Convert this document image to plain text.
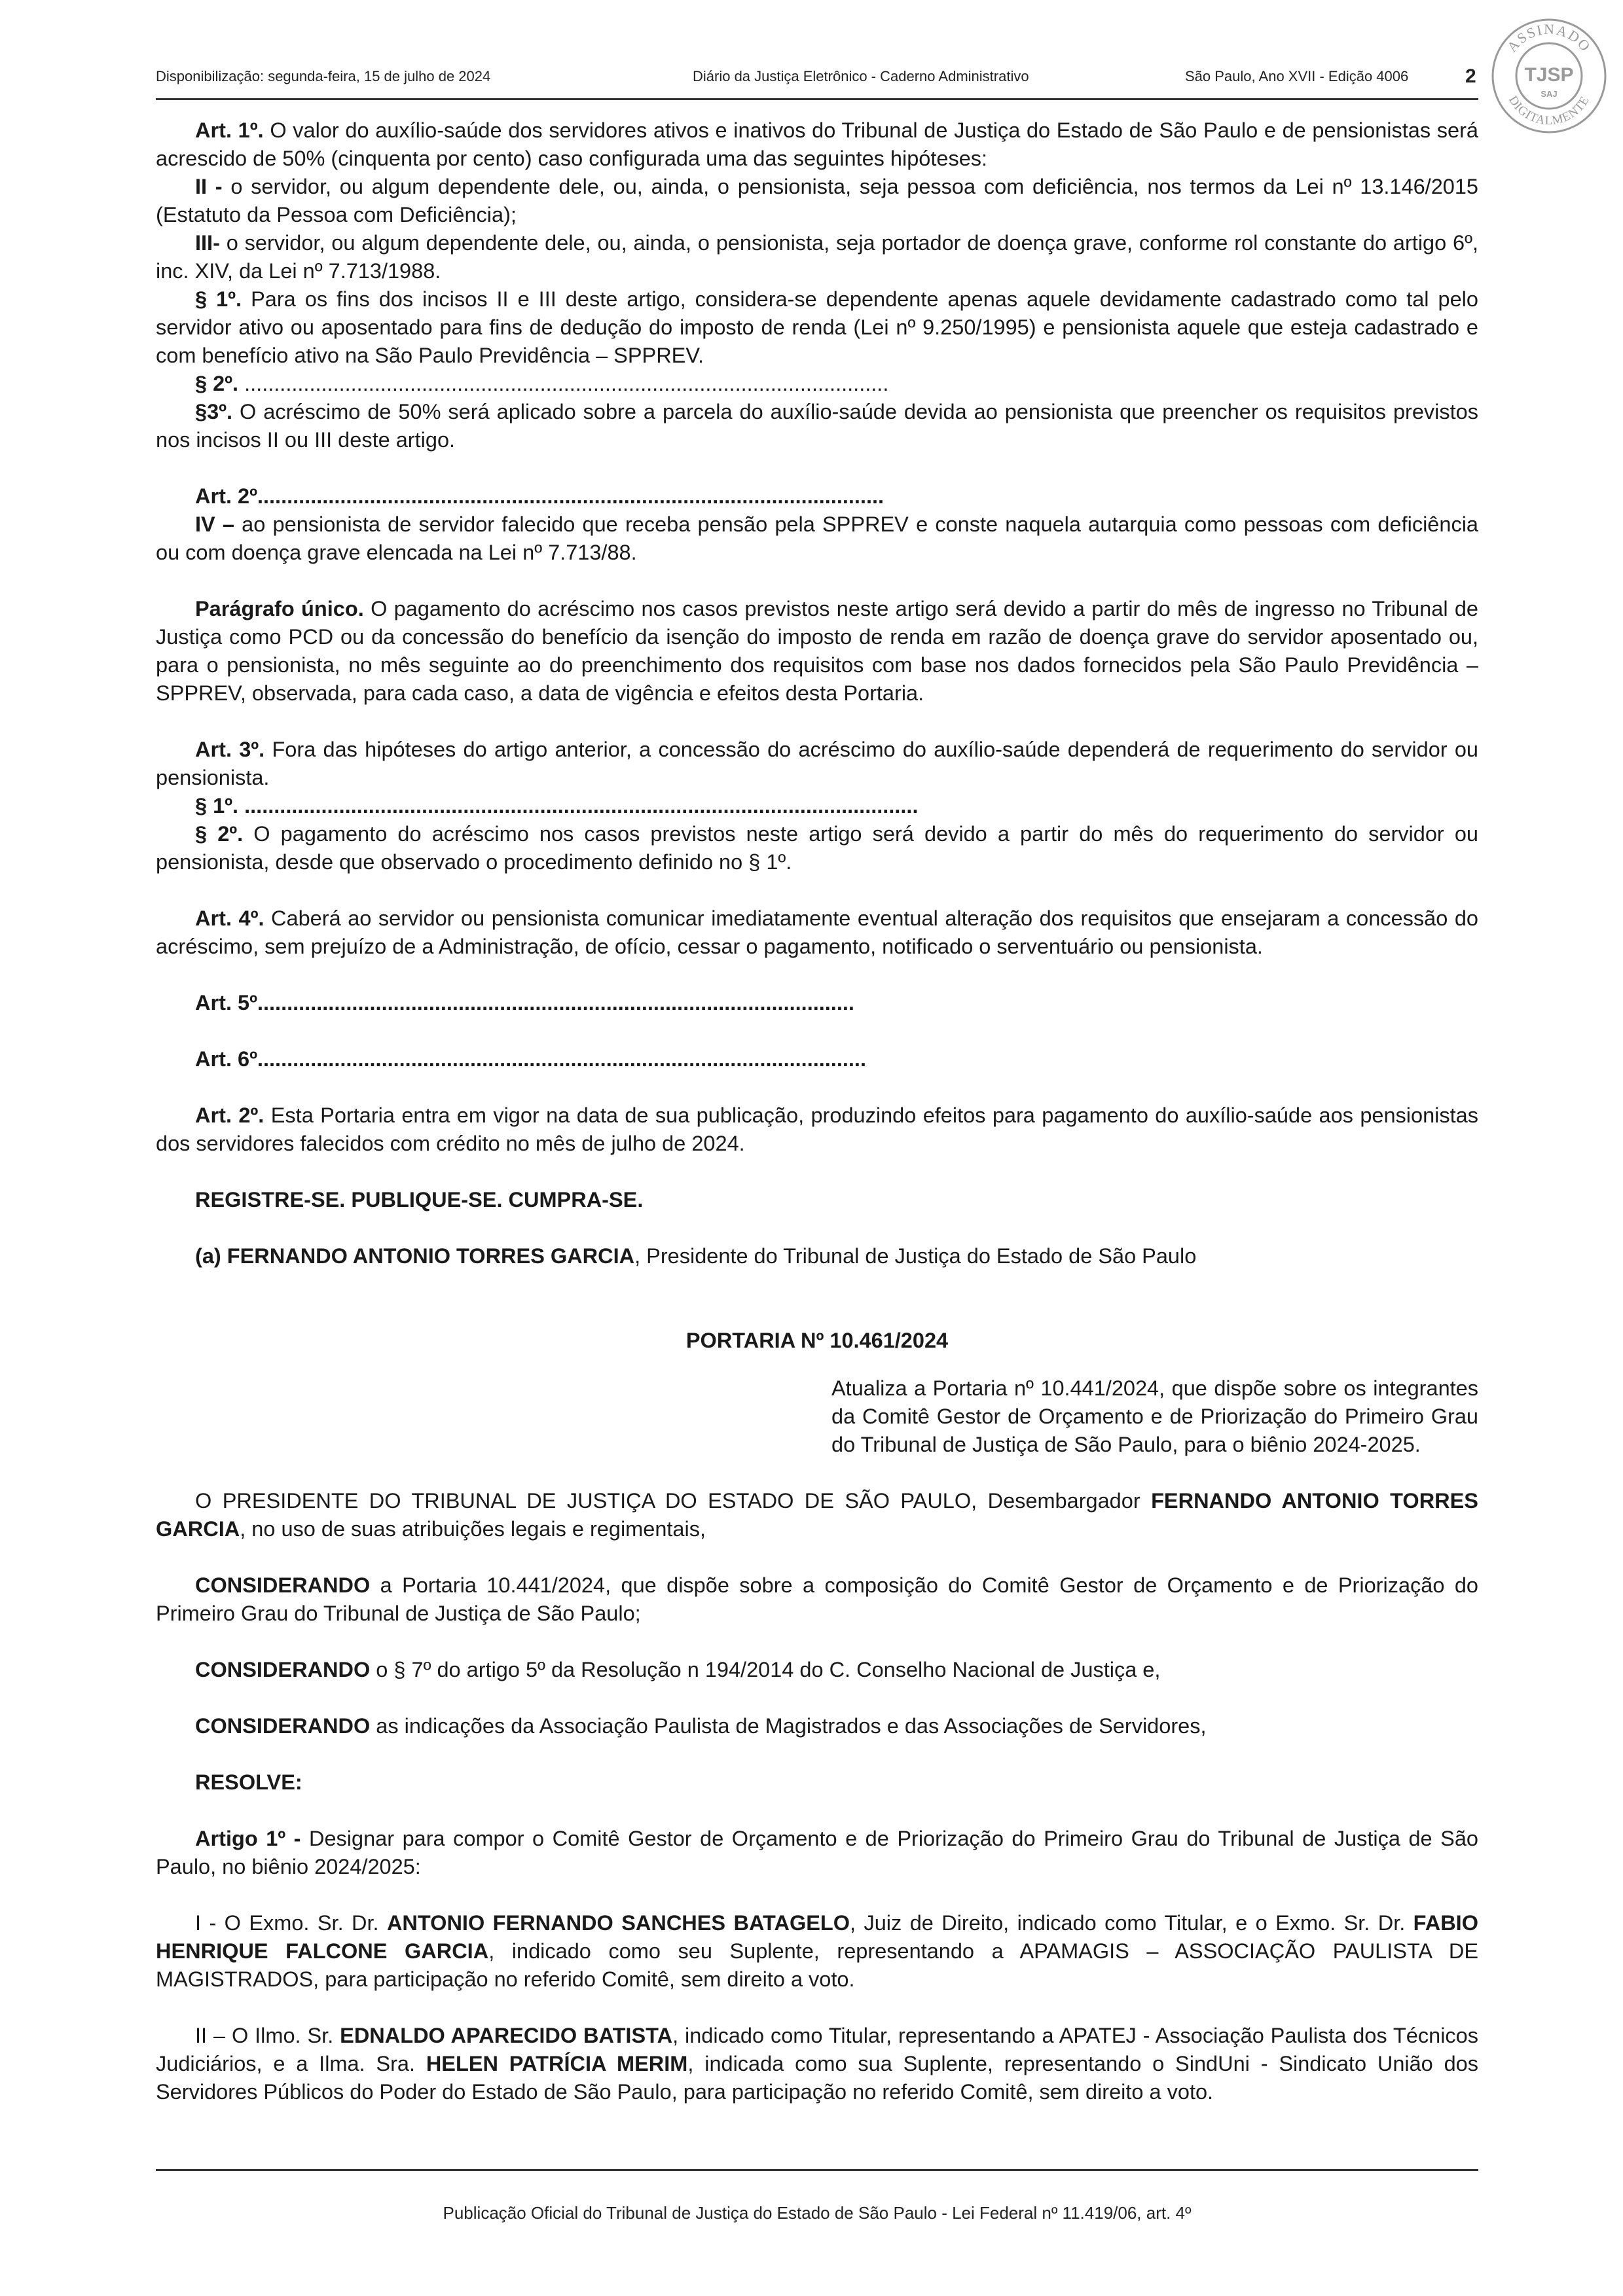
Disponibilização: segunda-feira, 15 de julho de 2024	Diário da Justiça Eletrônico - Caderno Administrativo	São Paulo, Ano XVII - Edição 4006	2
ASSINADO
DIGITALMENTE
TJSP
SAJ

Art. 1º. O valor do auxílio-saúde dos servidores ativos e inativos do Tribunal de Justiça do Estado de São Paulo e de pensionistas será acrescido de 50% (cinquenta por cento) caso configurada uma das seguintes hipóteses:

II - o servidor, ou algum dependente dele, ou, ainda, o pensionista, seja pessoa com deficiência, nos termos da Lei nº 13.146/2015 (Estatuto da Pessoa com Deficiência);

III- o servidor, ou algum dependente dele, ou, ainda, o pensionista, seja portador de doença grave, conforme rol constante do artigo 6º, inc. XIV, da Lei nº 7.713/1988.

§ 1º. Para os fins dos incisos II e III deste artigo, considera-se dependente apenas aquele devidamente cadastrado como tal pelo servidor ativo ou aposentado para fins de dedução do imposto de renda (Lei nº 9.250/1995) e pensionista aquele que esteja cadastrado e com benefício ativo na São Paulo Previdência – SPPREV.

§ 2º. .............................................................................................................

§3º. O acréscimo de 50% será aplicado sobre a parcela do auxílio-saúde devida ao pensionista que preencher os requisitos previstos nos incisos II ou III deste artigo.

Art. 2º..........................................................................................................

IV – ao pensionista de servidor falecido que receba pensão pela SPPREV e conste naquela autarquia como pessoas com deficiência ou com doença grave elencada na Lei nº 7.713/88.

Parágrafo único. O pagamento do acréscimo nos casos previstos neste artigo será devido a partir do mês de ingresso no Tribunal de Justiça como PCD ou da concessão do benefício da isenção do imposto de renda em razão de doença grave do servidor aposentado ou, para o pensionista, no mês seguinte ao do preenchimento dos requisitos com base nos dados fornecidos pela São Paulo Previdência – SPPREV, observada, para cada caso, a data de vigência e efeitos desta Portaria.

Art. 3º. Fora das hipóteses do artigo anterior, a concessão do acréscimo do auxílio-saúde dependerá de requerimento do servidor ou pensionista.

§ 1º. ..................................................................................................................

§ 2º. O pagamento do acréscimo nos casos previstos neste artigo será devido a partir do mês do requerimento do servidor ou pensionista, desde que observado o procedimento definido no § 1º.

Art. 4º. Caberá ao servidor ou pensionista comunicar imediatamente eventual alteração dos requisitos que ensejaram a concessão do acréscimo, sem prejuízo de a Administração, de ofício, cessar o pagamento, notificado o serventuário ou pensionista.

Art. 5º.....................................................................................................

Art. 6º.......................................................................................................

Art. 2º. Esta Portaria entra em vigor na data de sua publicação, produzindo efeitos para pagamento do auxílio-saúde aos pensionistas dos servidores falecidos com crédito no mês de julho de 2024.

REGISTRE-SE. PUBLIQUE-SE. CUMPRA-SE.

(a) FERNANDO ANTONIO TORRES GARCIA, Presidente do Tribunal de Justiça do Estado de São Paulo

PORTARIA Nº 10.461/2024

Atualiza a Portaria nº 10.441/2024, que dispõe sobre os integrantes da Comitê Gestor de Orçamento e de Priorização do Primeiro Grau do Tribunal de Justiça de São Paulo, para o biênio 2024-2025.

O PRESIDENTE DO TRIBUNAL DE JUSTIÇA DO ESTADO DE SÃO PAULO, Desembargador FERNANDO ANTONIO TORRES GARCIA, no uso de suas atribuições legais e regimentais,

CONSIDERANDO a Portaria 10.441/2024, que dispõe sobre a composição do Comitê Gestor de Orçamento e de Priorização do Primeiro Grau do Tribunal de Justiça de São Paulo;

CONSIDERANDO o § 7º do artigo 5º da Resolução n 194/2014 do C. Conselho Nacional de Justiça e,

CONSIDERANDO as indicações da Associação Paulista de Magistrados e das Associações de Servidores,

RESOLVE:

Artigo 1º - Designar para compor o Comitê Gestor de Orçamento e de Priorização do Primeiro Grau do Tribunal de Justiça de São Paulo, no biênio 2024/2025:

I - O Exmo. Sr. Dr. ANTONIO FERNANDO SANCHES BATAGELO, Juiz de Direito, indicado como Titular, e o Exmo. Sr. Dr. FABIO HENRIQUE FALCONE GARCIA, indicado como seu Suplente, representando a APAMAGIS – ASSOCIAÇÃO PAULISTA DE MAGISTRADOS, para participação no referido Comitê, sem direito a voto.

II – O Ilmo. Sr. EDNALDO APARECIDO BATISTA, indicado como Titular, representando a APATEJ - Associação Paulista dos Técnicos Judiciários, e a Ilma. Sra. HELEN PATRÍCIA MERIM, indicada como sua Suplente, representando o SindUni - Sindicato União dos Servidores Públicos do Poder do Estado de São Paulo, para participação no referido Comitê, sem direito a voto.

Publicação Oficial do Tribunal de Justiça do Estado de São Paulo - Lei Federal nº 11.419/06, art. 4º
